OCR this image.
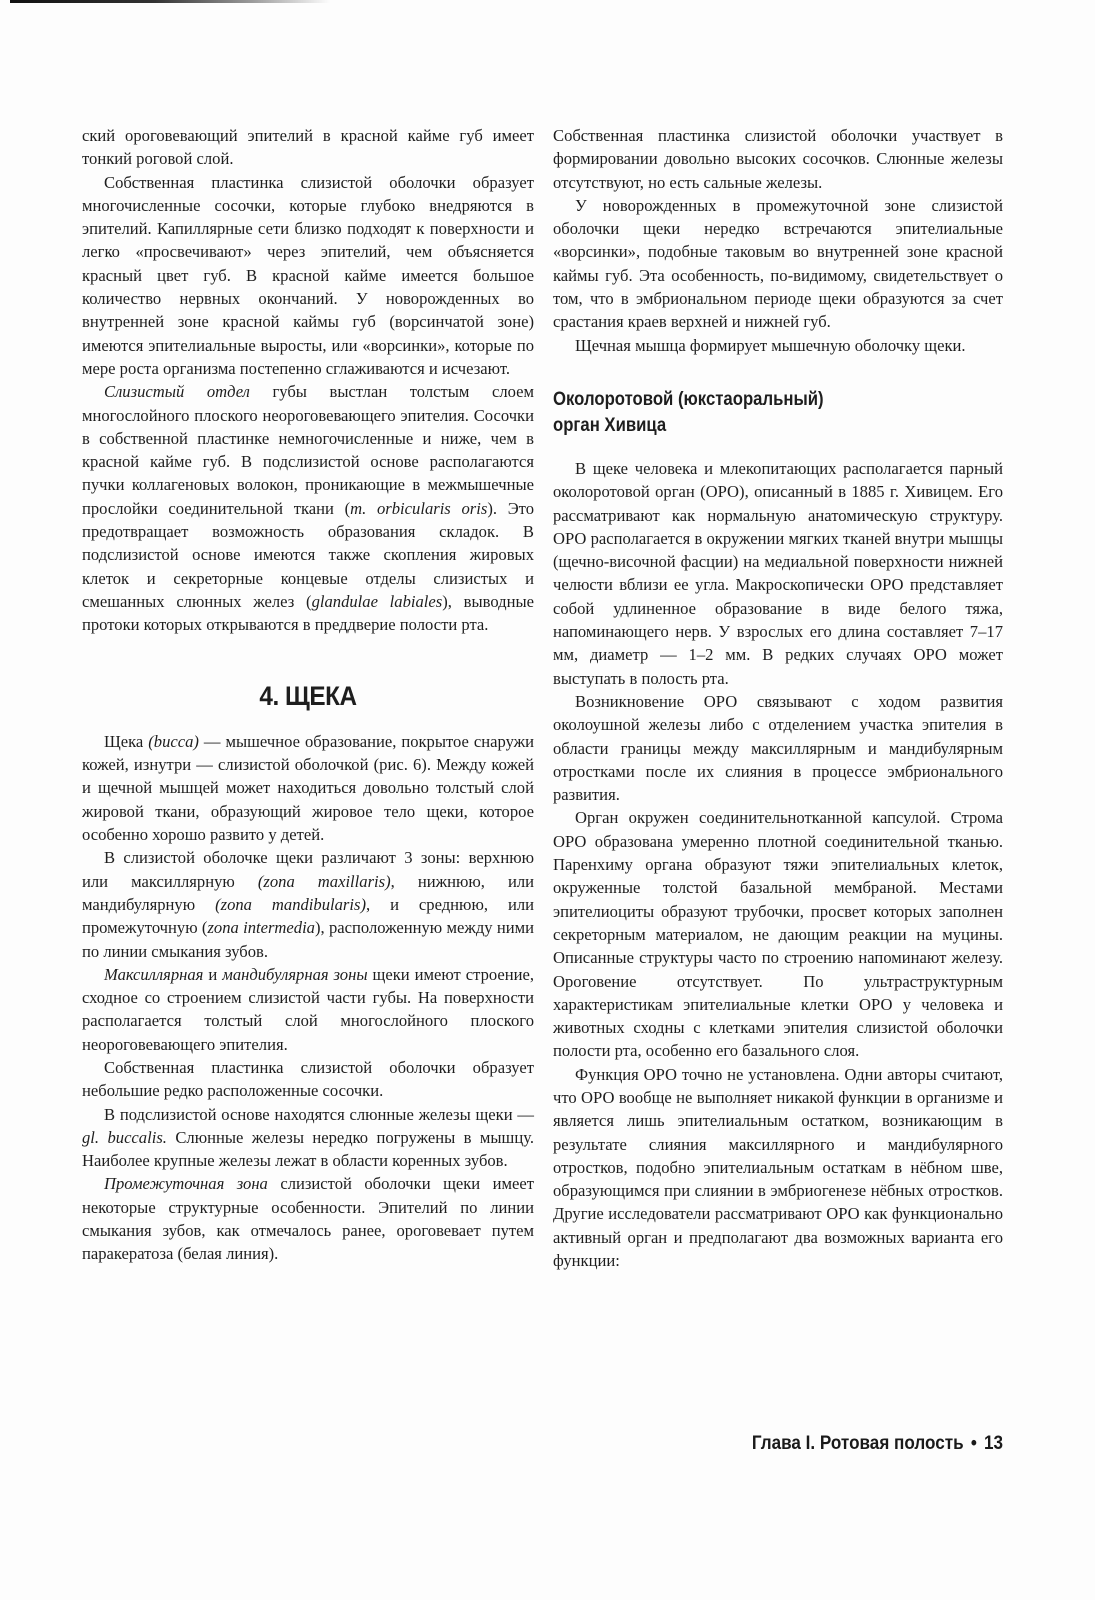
ский ороговевающий эпителий в красной кайме губ имеет тонкий роговой слой.

Собственная пластинка слизистой оболочки образует многочисленные сосочки, которые глубоко внедряются в эпителий. Капиллярные сети близко подходят к поверхности и легко «просвечивают» через эпителий, чем объясняется красный цвет губ. В красной кайме имеется большое количество нервных окончаний. У новорожденных во внутренней зоне красной каймы губ (ворсинчатой зоне) имеются эпителиальные выросты, или «ворсинки», которые по мере роста организма постепенно сглаживаются и исчезают.

Слизистый отдел губы выстлан толстым слоем многослойного плоского неороговевающего эпителия. Сосочки в собственной пластинке немногочисленные и ниже, чем в красной кайме губ. В подслизистой основе располагаются пучки коллагеновых волокон, проникающие в межмышечные прослойки соединительной ткани (m. orbicularis oris). Это предотвращает возможность образования складок. В подслизистой основе имеются также скопления жировых клеток и секреторные концевые отделы слизистых и смешанных слюнных желез (glandulae labiales), выводные протоки которых открываются в преддверие полости рта.

4. ЩЕКА

Щека (bucca) — мышечное образование, покрытое снаружи кожей, изнутри — слизистой оболочкой (рис. 6). Между кожей и щечной мышцей может находиться довольно толстый слой жировой ткани, образующий жировое тело щеки, которое особенно хорошо развито у детей.

В слизистой оболочке щеки различают 3 зоны: верхнюю или максиллярную (zona maxillaris), нижнюю, или мандибулярную (zona mandibularis), и среднюю, или промежуточную (zona intermedia), расположенную между ними по линии смыкания зубов.

Максиллярная и мандибулярная зоны щеки имеют строение, сходное со строением слизистой части губы. На поверхности располагается толстый слой многослойного плоского неороговевающего эпителия.

Собственная пластинка слизистой оболочки образует небольшие редко расположенные сосочки.

В подслизистой основе находятся слюнные железы щеки — gl. buccalis. Слюнные железы нередко погружены в мышцу. Наиболее крупные железы лежат в области коренных зубов.

Промежуточная зона слизистой оболочки щеки имеет некоторые структурные особенности. Эпителий по линии смыкания зубов, как отмечалось ранее, ороговевает путем паракератоза (белая линия).

Собственная пластинка слизистой оболочки участвует в формировании довольно высоких сосочков. Слюнные железы отсутствуют, но есть сальные железы.

У новорожденных в промежуточной зоне слизистой оболочки щеки нередко встречаются эпителиальные «ворсинки», подобные таковым во внутренней зоне красной каймы губ. Эта особенность, по-видимому, свидетельствует о том, что в эмбриональном периоде щеки образуются за счет срастания краев верхней и нижней губ.

Щечная мышца формирует мышечную оболочку щеки.

Околоротовой (юкстаоральный)
орган Хивица

В щеке человека и млекопитающих располагается парный околоротовой орган (ОРО), описанный в 1885 г. Хивицем. Его рассматривают как нормальную анатомическую структуру. ОРО располагается в окружении мягких тканей внутри мышцы (щечно-височной фасции) на медиальной поверхности нижней челюсти вблизи ее угла. Макроскопически ОРО представляет собой удлиненное образование в виде белого тяжа, напоминающего нерв. У взрослых его длина составляет 7–17 мм, диаметр — 1–2 мм. В редких случаях ОРО может выступать в полость рта.

Возникновение ОРО связывают с ходом развития околоушной железы либо с отделением участка эпителия в области границы между максиллярным и мандибулярным отростками после их слияния в процессе эмбрионального развития.

Орган окружен соединительнотканной капсулой. Строма ОРО образована умеренно плотной соединительной тканью. Паренхиму органа образуют тяжи эпителиальных клеток, окруженные толстой базальной мембраной. Местами эпителиоциты образуют трубочки, просвет которых заполнен секреторным материалом, не дающим реакции на муцины. Описанные структуры часто по строению напоминают железу. Ороговение отсутствует. По ультраструктурным характеристикам эпителиальные клетки ОРО у человека и животных сходны с клетками эпителия слизистой оболочки полости рта, особенно его базального слоя.

Функция ОРО точно не установлена. Одни авторы считают, что ОРО вообще не выполняет никакой функции в организме и является лишь эпителиальным остатком, возникающим в результате слияния максиллярного и мандибулярного отростков, подобно эпителиальным остаткам в нёбном шве, образующимся при слиянии в эмбриогенезе нёбных отростков. Другие исследователи рассматривают ОРО как функционально активный орган и предполагают два возможных варианта его функции:

Глава I. Ротовая полость • 13
